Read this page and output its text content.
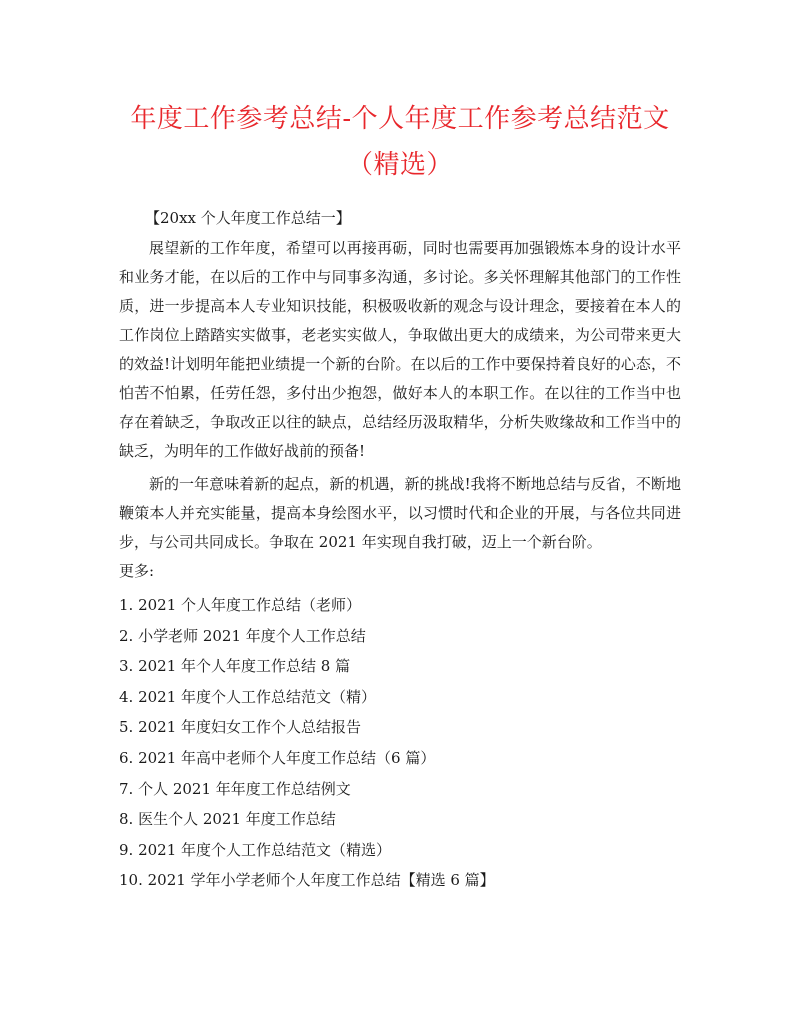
年度工作参考总结-个人年度工作参考总结范文
（精选）

【20xx 个人年度工作总结一】

展望新的工作年度，希望可以再接再砺，同时也需要再加强锻炼本身的设计水平和业务才能，在以后的工作中与同事多沟通，多讨论。多关怀理解其他部门的工作性质，进一步提高本人专业知识技能，积极吸收新的观念与设计理念，要接着在本人的工作岗位上踏踏实实做事，老老实实做人，争取做出更大的成绩来，为公司带来更大的效益!计划明年能把业绩提一个新的台阶。在以后的工作中要保持着良好的心态，不怕苦不怕累，任劳任怨，多付出少抱怨，做好本人的本职工作。在以往的工作当中也存在着缺乏，争取改正以往的缺点，总结经历汲取精华，分析失败缘故和工作当中的缺乏，为明年的工作做好战前的预备!

新的一年意味着新的起点，新的机遇，新的挑战!我将不断地总结与反省，不断地鞭策本人并充实能量，提高本身绘图水平，以习惯时代和企业的开展，与各位共同进步，与公司共同成长。争取在 2021 年实现自我打破，迈上一个新台阶。

更多:

1. 2021 个人年度工作总结（老师）
2. 小学老师 2021 年度个人工作总结
3. 2021 年个人年度工作总结 8 篇
4. 2021 年度个人工作总结范文（精）
5. 2021 年度妇女工作个人总结报告
6. 2021 年高中老师个人年度工作总结（6 篇）
7. 个人 2021 年年度工作总结例文
8. 医生个人 2021 年度工作总结
9. 2021 年度个人工作总结范文（精选）
10. 2021 学年小学老师个人年度工作总结【精选 6 篇】
